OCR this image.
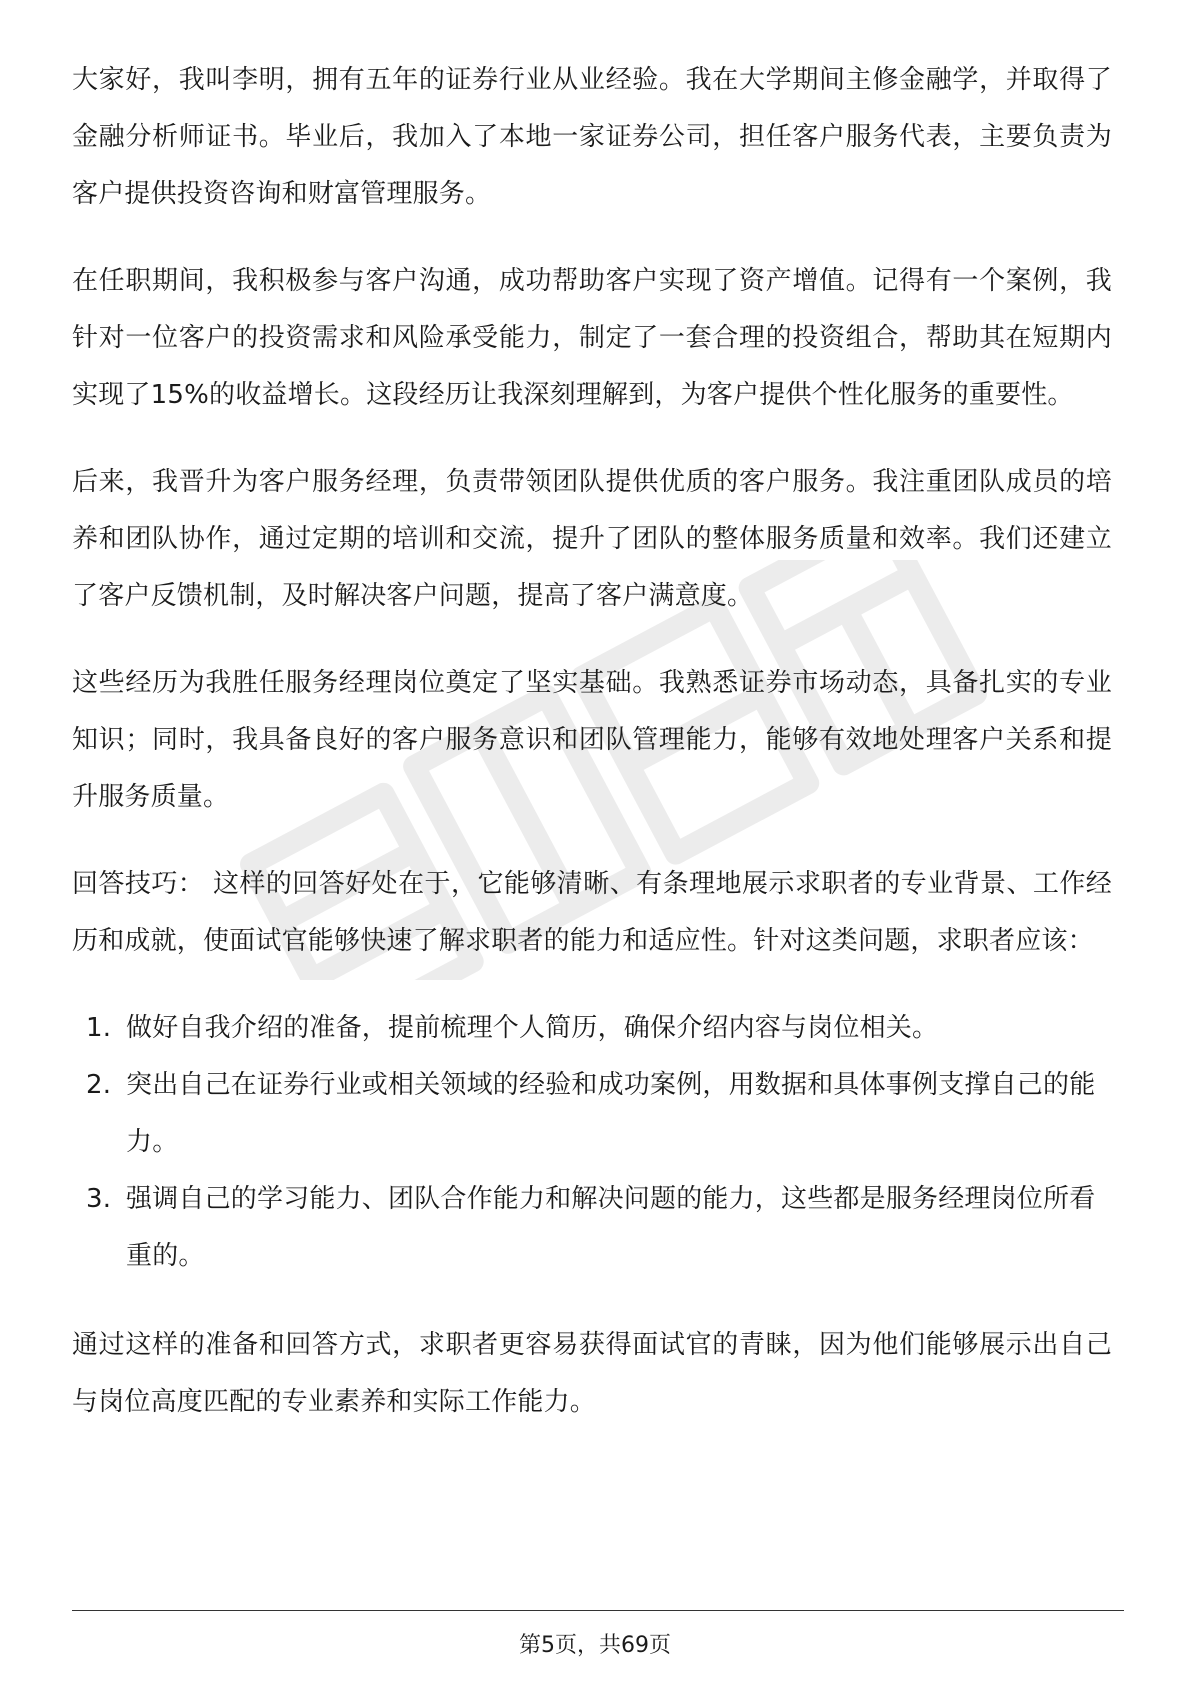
大家好，我叫李明，拥有五年的证券行业从业经验。我在大学期间主修金融学，并取得了金融分析师证书。毕业后，我加入了本地一家证券公司，担任客户服务代表，主要负责为客户提供投资咨询和财富管理服务。

在任职期间，我积极参与客户沟通，成功帮助客户实现了资产增值。记得有一个案例，我针对一位客户的投资需求和风险承受能力，制定了一套合理的投资组合，帮助其在短期内实现了15%的收益增长。这段经历让我深刻理解到，为客户提供个性化服务的重要性。

后来，我晋升为客户服务经理，负责带领团队提供优质的客户服务。我注重团队成员的培养和团队协作，通过定期的培训和交流，提升了团队的整体服务质量和效率。我们还建立了客户反馈机制，及时解决客户问题，提高了客户满意度。

这些经历为我胜任服务经理岗位奠定了坚实基础。我熟悉证券市场动态，具备扎实的专业知识；同时，我具备良好的客户服务意识和团队管理能力，能够有效地处理客户关系和提升服务质量。

回答技巧： 这样的回答好处在于，它能够清晰、有条理地展示求职者的专业背景、工作经历和成就，使面试官能够快速了解求职者的能力和适应性。针对这类问题，求职者应该：

1. 做好自我介绍的准备，提前梳理个人简历，确保介绍内容与岗位相关。
2. 突出自己在证券行业或相关领域的经验和成功案例，用数据和具体事例支撑自己的能力。
3. 强调自己的学习能力、团队合作能力和解决问题的能力，这些都是服务经理岗位所看重的。

通过这样的准备和回答方式，求职者更容易获得面试官的青睐，因为他们能够展示出自己与岗位高度匹配的专业素养和实际工作能力。

第5页，共69页
